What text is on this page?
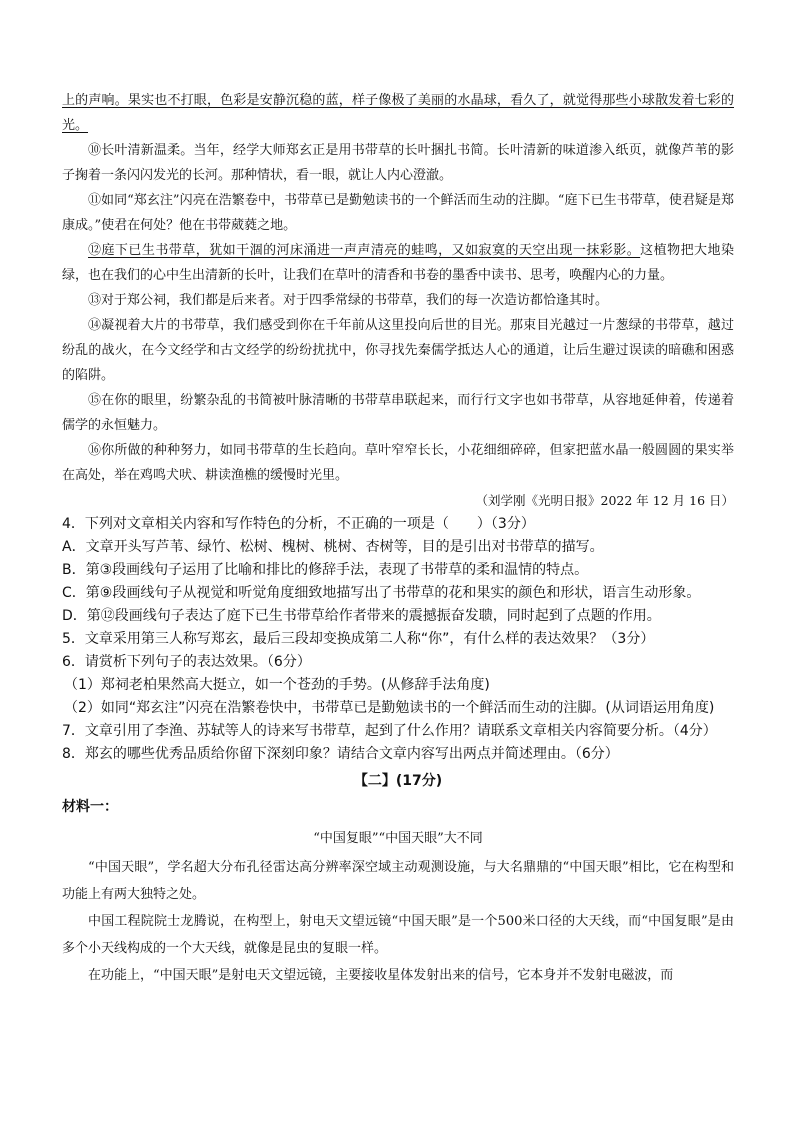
上的声响。果实也不打眼，色彩是安静沉稳的蓝，样子像极了美丽的水晶球，看久了，就觉得那些小球散发着七彩的光。

⑩长叶清新温柔。当年，经学大师郑玄正是用书带草的长叶捆扎书简。长叶清新的味道渗入纸页，就像芦苇的影子掬着一条闪闪发光的长河。那种情状，看一眼，就让人内心澄澈。

⑪如同“郑玄注”闪亮在浩繁卷中，书带草已是勤勉读书的一个鲜活而生动的注脚。“庭下已生书带草，使君疑是郑康成。”使君在何处？他在书带葳蕤之地。

⑫庭下已生书带草，犹如干涸的河床涌进一声声清亮的蛙鸣，又如寂寞的天空出现一抹彩影。这植物把大地染绿，也在我们的心中生出清新的长叶，让我们在草叶的清香和书卷的墨香中读书、思考，唤醒内心的力量。

⑬对于郑公祠，我们都是后来者。对于四季常绿的书带草，我们的每一次造访都恰逢其时。

⑭凝视着大片的书带草，我们感受到你在千年前从这里投向后世的目光。那束目光越过一片葱绿的书带草，越过纷乱的战火，在今文经学和古文经学的纷纷扰扰中，你寻找先秦儒学抵达人心的通道，让后生避过误读的暗礁和困惑的陷阱。

⑮在你的眼里，纷繁杂乱的书简被叶脉清晰的书带草串联起来，而行行文字也如书带草，从容地延伸着，传递着儒学的永恒魅力。

⑯你所做的种种努力，如同书带草的生长趋向。草叶窄窄长长，小花细细碎碎，但家把蓝水晶一般圆圆的果实举在高处，举在鸡鸣犬吠、耕读渔樵的缓慢时光里。

（刘学刚《光明日报》2022 年 12 月 16 日）

4．下列对文章相关内容和写作特色的分析，不正确的一项是（　　）（3分）

A．文章开头写芦苇、绿竹、松树、槐树、桃树、杏树等，目的是引出对书带草的描写。

B．第③段画线句子运用了比喻和排比的修辞手法，表现了书带草的柔和温情的特点。

C．第⑨段画线句子从视觉和听觉角度细致地描写出了书带草的花和果实的颜色和形状，语言生动形象。

D．第⑫段画线句子表达了庭下已生书带草给作者带来的震撼振奋发聩，同时起到了点题的作用。

5．文章采用第三人称写郑玄，最后三段却变换成第二人称“你”，有什么样的表达效果？（3分）

6．请赏析下列句子的表达效果。（6分）

（1）郑祠老柏果然高大挺立，如一个苍劲的手势。(从修辞手法角度)

（2）如同“郑玄注”闪亮在浩繁卷快中，书带草已是勤勉读书的一个鲜活而生动的注脚。(从词语运用角度)

7．文章引用了李渔、苏轼等人的诗来写书带草，起到了什么作用？请联系文章相关内容简要分析。（4分）

8．郑玄的哪些优秀品质给你留下深刻印象？请结合文章内容写出两点并简述理由。（6分）

【二】(17分)

材料一：

“中国复眼”“中国天眼”大不同

“中国天眼”，学名超大分布孔径雷达高分辨率深空域主动观测设施，与大名鼎鼎的“中国天眼”相比，它在构型和功能上有两大独特之处。

中国工程院院士龙腾说，在构型上，射电天文望远镜“中国天眼”是一个500米口径的大天线，而“中国复眼”是由多个小天线构成的一个大天线，就像是昆虫的复眼一样。

在功能上，“中国天眼”是射电天文望远镜，主要接收星体发射出来的信号，它本身并不发射电磁波，而
